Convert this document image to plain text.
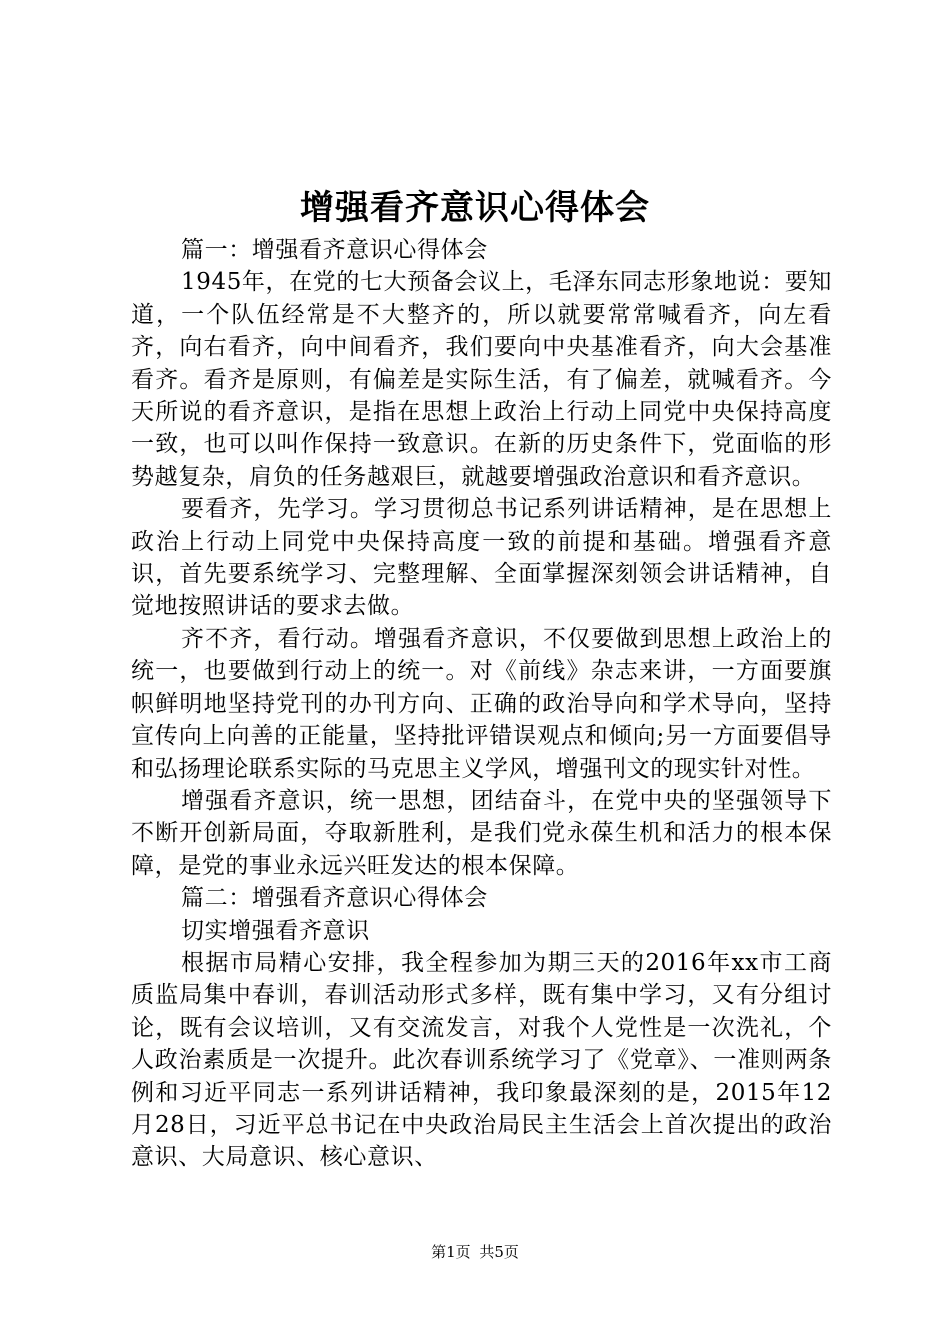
增强看齐意识心得体会

篇一：增强看齐意识心得体会

1945年，在党的七大预备会议上，毛泽东同志形象地说：要知道，一个队伍经常是不大整齐的，所以就要常常喊看齐，向左看齐，向右看齐，向中间看齐，我们要向中央基准看齐，向大会基准看齐。看齐是原则，有偏差是实际生活，有了偏差，就喊看齐。今天所说的看齐意识，是指在思想上政治上行动上同党中央保持高度一致，也可以叫作保持一致意识。在新的历史条件下，党面临的形势越复杂，肩负的任务越艰巨，就越要增强政治意识和看齐意识。

要看齐，先学习。学习贯彻总书记系列讲话精神，是在思想上政治上行动上同党中央保持高度一致的前提和基础。增强看齐意识，首先要系统学习、完整理解、全面掌握深刻领会讲话精神，自觉地按照讲话的要求去做。

齐不齐，看行动。增强看齐意识，不仅要做到思想上政治上的统一，也要做到行动上的统一。对《前线》杂志来讲，一方面要旗帜鲜明地坚持党刊的办刊方向、正确的政治导向和学术导向，坚持宣传向上向善的正能量，坚持批评错误观点和倾向;另一方面要倡导和弘扬理论联系实际的马克思主义学风，增强刊文的现实针对性。

增强看齐意识，统一思想，团结奋斗，在党中央的坚强领导下不断开创新局面，夺取新胜利，是我们党永葆生机和活力的根本保障，是党的事业永远兴旺发达的根本保障。

篇二：增强看齐意识心得体会

切实增强看齐意识

根据市局精心安排，我全程参加为期三天的2016年xx市工商质监局集中春训，春训活动形式多样，既有集中学习，又有分组讨论，既有会议培训，又有交流发言，对我个人党性是一次洗礼，个人政治素质是一次提升。此次春训系统学习了《党章》、一准则两条例和习近平同志一系列讲话精神，我印象最深刻的是，2015年12月28日，习近平总书记在中央政治局民主生活会上首次提出的政治意识、大局意识、核心意识、

第1页 共5页
